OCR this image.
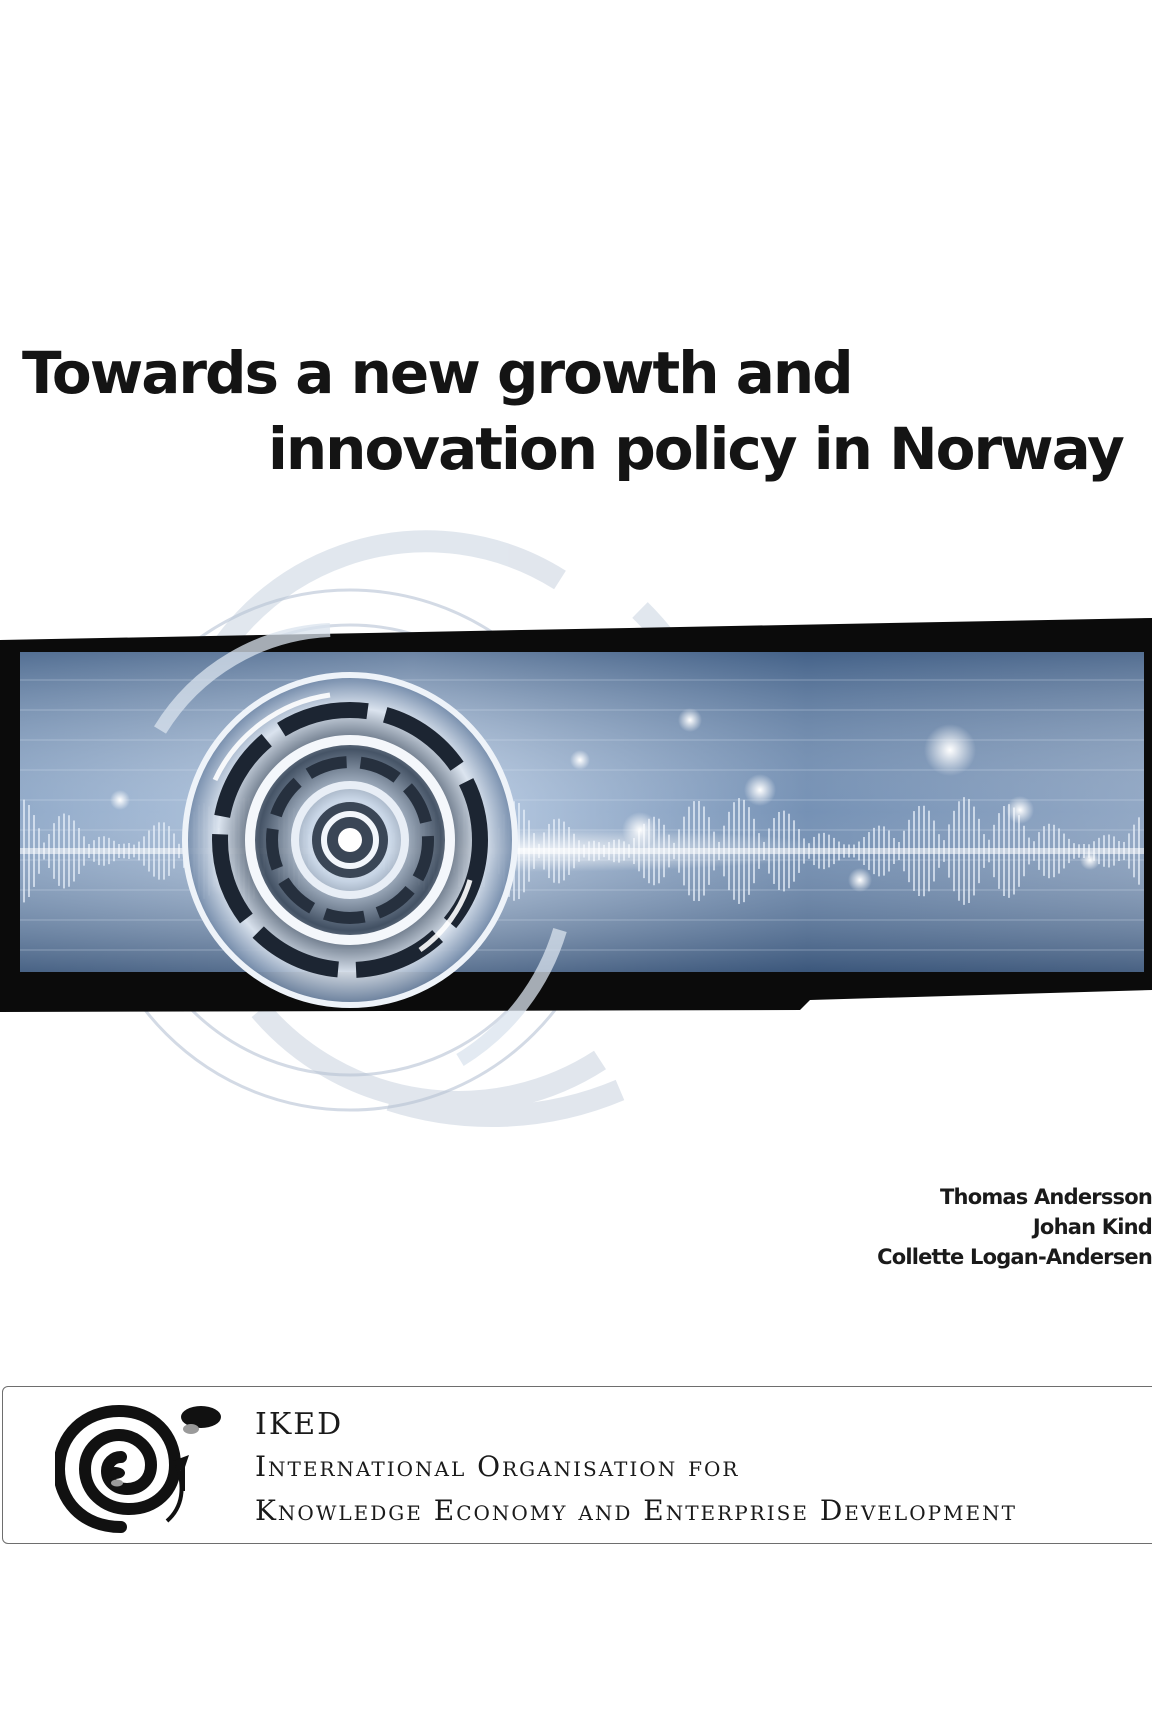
Towards a new growth and
innovation policy in Norway
Thomas Andersson
Johan Kind
Collette Logan-Andersen
IKED
International Organisation for
Knowledge Economy and Enterprise Development
